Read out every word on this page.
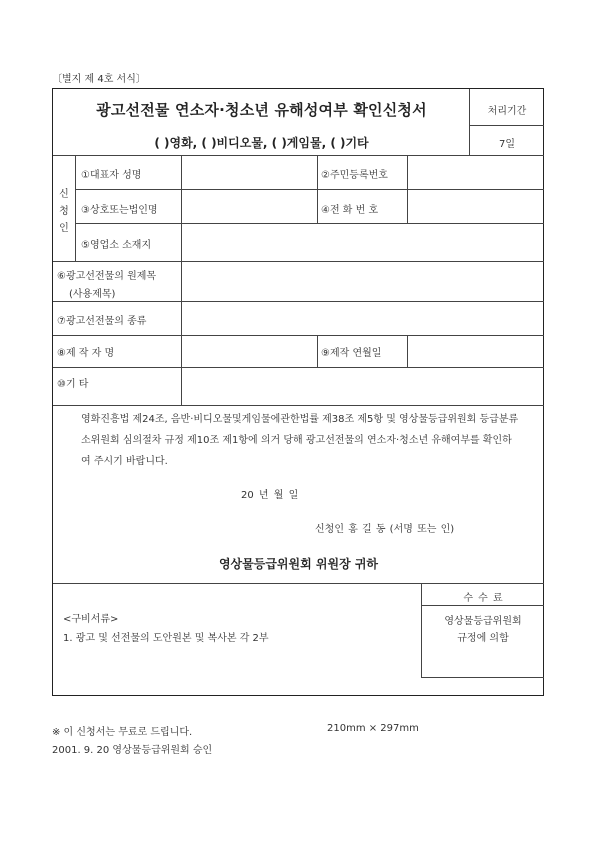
〔별지 제 4호 서식〕
광고선전물 연소자·청소년 유해성여부 확인신청서
( )영화, ( )비디오물, ( )게임물, ( )기타
처리기간
7일
신
청
인
①대표자 성명	②주민등록번호
③상호또는법인명	④전 화 번 호
⑤영업소 소재지
⑥광고선전물의 원제목
(사용제목)
⑦광고선전물의 종류
⑧제 작 자 명	⑨제작 연월일
⑩기 타
영화진흥법 제24조, 음반·비디오물및게임물에관한법률 제38조 제5항 및 영상물등급위원회 등급분류 소위원회 심의절차 규정 제10조 제1항에 의거 당해 광고선전물의 연소자·청소년 유해여부를 확인하여 주시기 바랍니다.
20 년 월 일
신청인 홍 길 동 (서명 또는 인)
영상물등급위원회 위원장 귀하
<구비서류>
1. 광고 및 선전물의 도안원본 및 복사본 각 2부
수 수 료
영상물등급위원회
규정에 의함
※ 이 신청서는 무료로 드립니다.	210mm × 297mm
2001. 9. 20 영상물등급위원회 승인
